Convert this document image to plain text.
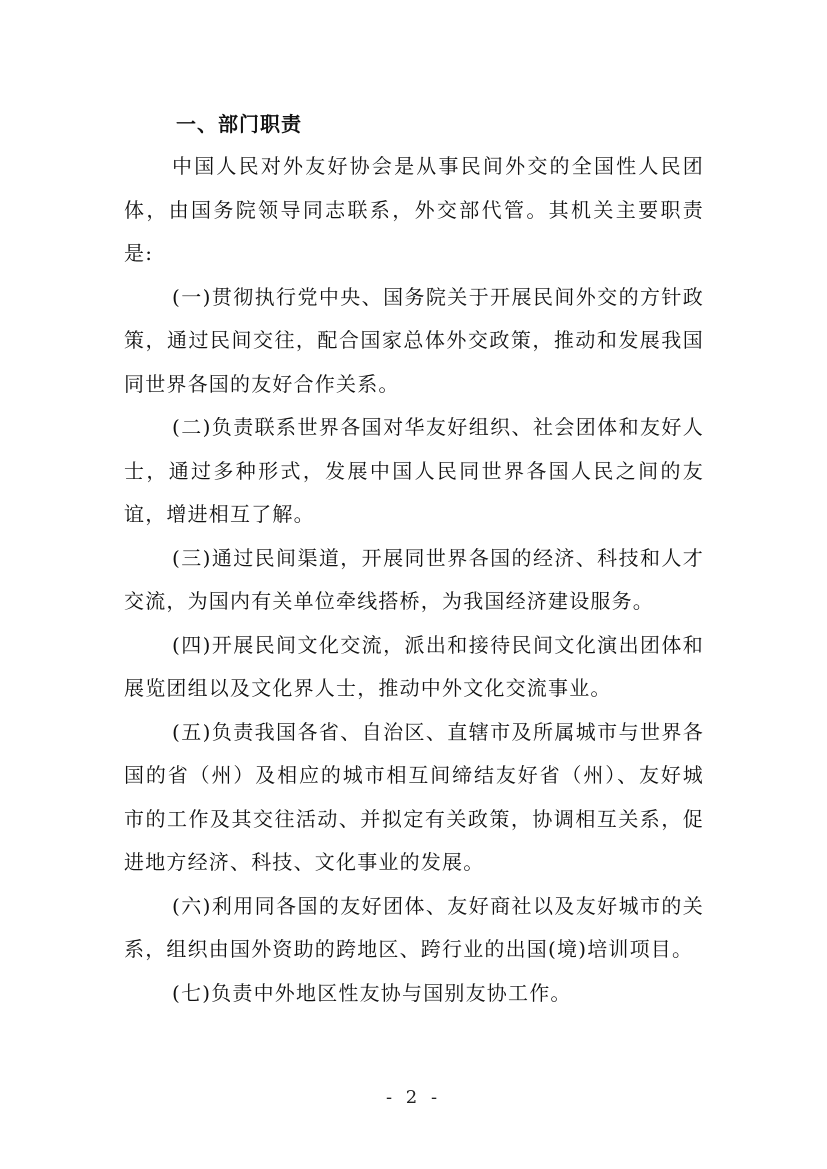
一、部门职责

中国人民对外友好协会是从事民间外交的全国性人民团体，由国务院领导同志联系，外交部代管。其机关主要职责是:

(一)贯彻执行党中央、国务院关于开展民间外交的方针政策，通过民间交往，配合国家总体外交政策，推动和发展我国同世界各国的友好合作关系。

(二)负责联系世界各国对华友好组织、社会团体和友好人士，通过多种形式，发展中国人民同世界各国人民之间的友谊，增进相互了解。

(三)通过民间渠道，开展同世界各国的经济、科技和人才交流，为国内有关单位牵线搭桥，为我国经济建设服务。

(四)开展民间文化交流，派出和接待民间文化演出团体和展览团组以及文化界人士，推动中外文化交流事业。

(五)负责我国各省、自治区、直辖市及所属城市与世界各国的省（州）及相应的城市相互间缔结友好省（州）、友好城市的工作及其交往活动、并拟定有关政策，协调相互关系，促进地方经济、科技、文化事业的发展。

(六)利用同各国的友好团体、友好商社以及友好城市的关系，组织由国外资助的跨地区、跨行业的出国(境)培训项目。

(七)负责中外地区性友协与国别友协工作。

- 2 -
